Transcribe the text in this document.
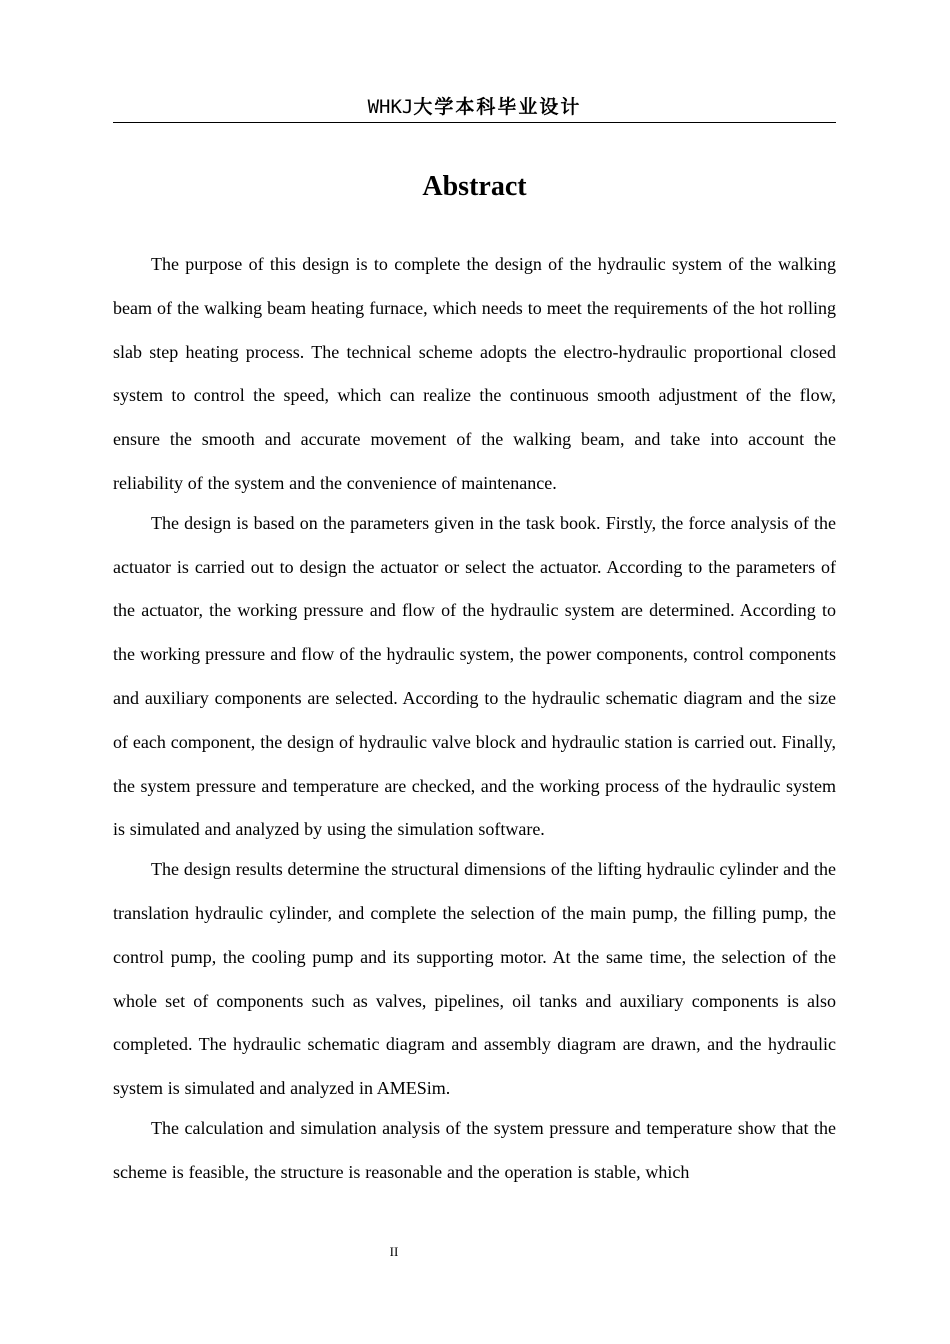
WHKJ大学本科毕业设计
Abstract

The purpose of this design is to complete the design of the hydraulic system of the walking beam of the walking beam heating furnace, which needs to meet the requirements of the hot rolling slab step heating process. The technical scheme adopts the electro-hydraulic proportional closed system to control the speed, which can realize the continuous smooth adjustment of the flow, ensure the smooth and accurate movement of the walking beam, and take into account the reliability of the system and the convenience of maintenance.

The design is based on the parameters given in the task book. Firstly, the force analysis of the actuator is carried out to design the actuator or select the actuator. According to the parameters of the actuator, the working pressure and flow of the hydraulic system are determined. According to the working pressure and flow of the hydraulic system, the power components, control components and auxiliary components are selected. According to the hydraulic schematic diagram and the size of each component, the design of hydraulic valve block and hydraulic station is carried out. Finally, the system pressure and temperature are checked, and the working process of the hydraulic system is simulated and analyzed by using the simulation software.

The design results determine the structural dimensions of the lifting hydraulic cylinder and the translation hydraulic cylinder, and complete the selection of the main pump, the filling pump, the control pump, the cooling pump and its supporting motor. At the same time, the selection of the whole set of components such as valves, pipelines, oil tanks and auxiliary components is also completed. The hydraulic schematic diagram and assembly diagram are drawn, and the hydraulic system is simulated and analyzed in AMESim.

The calculation and simulation analysis of the system pressure and temperature show that the scheme is feasible, the structure is reasonable and the operation is stable, which

II
